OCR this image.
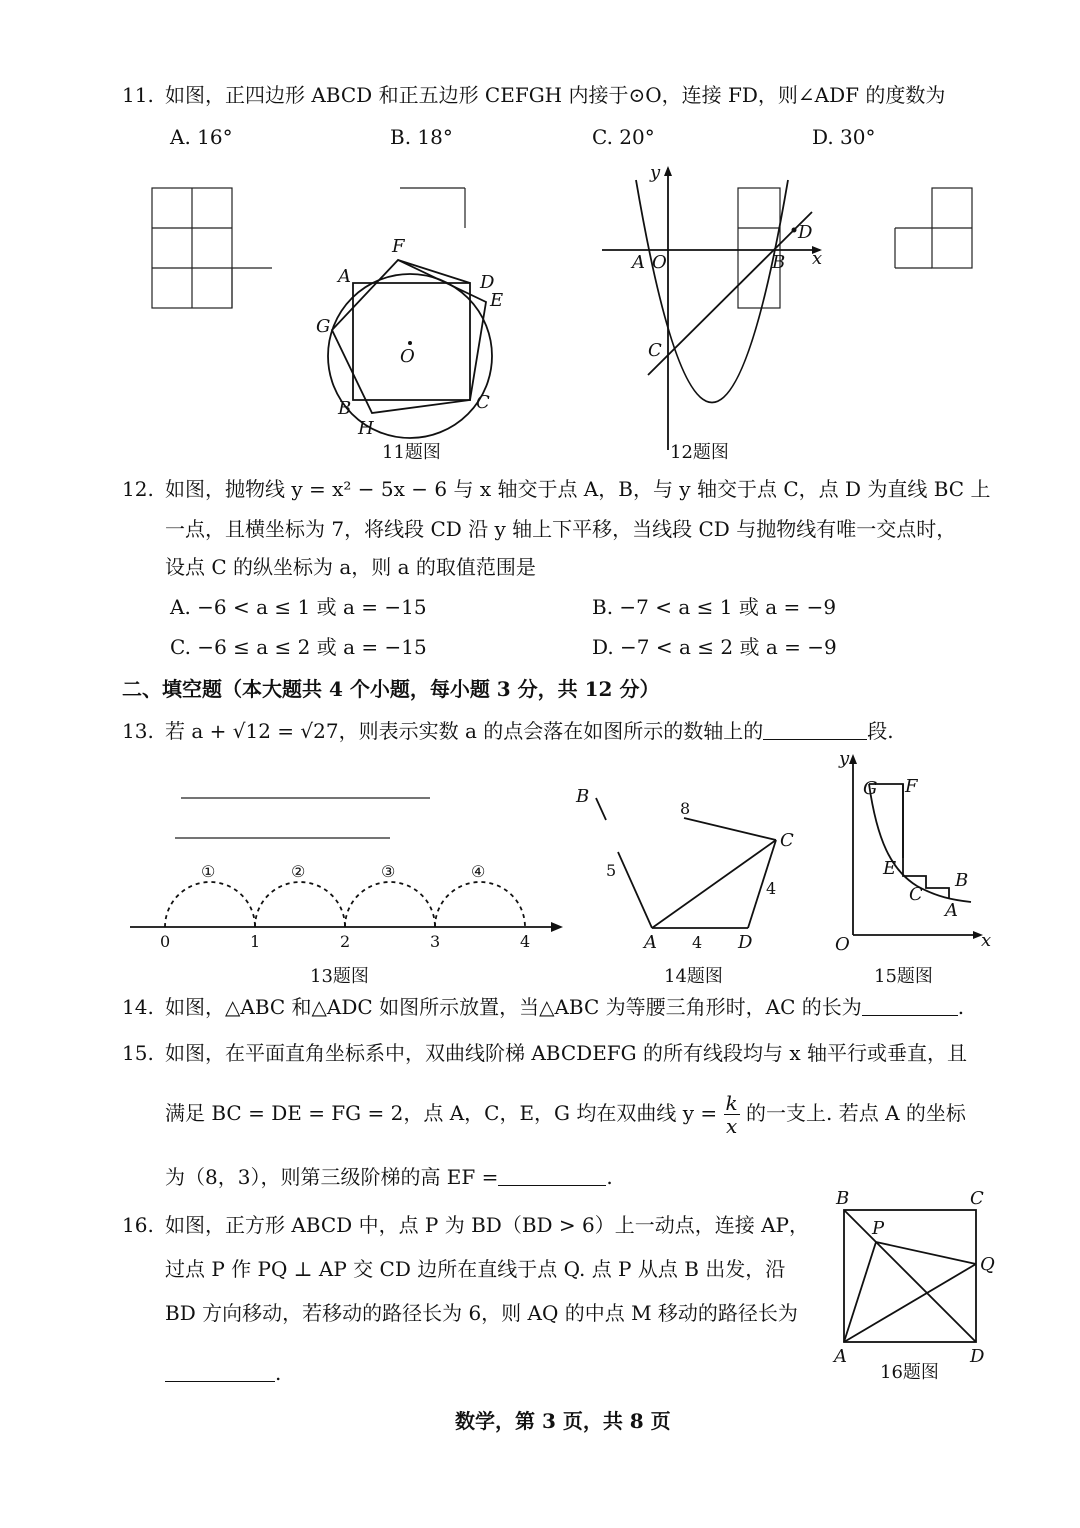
11. 如图，正四边形 ABCD 和正五边形 CEFGH 内接于⊙O，连接 FD，则∠ADF 的度数为
A. 16°	B. 18°	C. 20°	D. 30°
F
A	D
E
G
O
B	C
H
11题图
y
A O	B x
D
C
12题图
12. 如图，抛物线 y = x² − 5x − 6 与 x 轴交于点 A，B，与 y 轴交于点 C，点 D 为直线 BC 上
一点，且横坐标为 7，将线段 CD 沿 y 轴上下平移，当线段 CD 与抛物线有唯一交点时，
设点 C 的纵坐标为 a，则 a 的取值范围是
A. −6 < a ≤ 1 或 a = −15	B. −7 < a ≤ 1 或 a = −9
C. −6 ≤ a ≤ 2 或 a = −15	D. −7 < a ≤ 2 或 a = −9
二、填空题（本大题共 4 个小题，每小题 3 分，共 12 分）
13. 若 a + √12 = √27，则表示实数 a 的点会落在如图所示的数轴上的	段.
①	②	③	④
0	1	2	3	4
13题图
B
8
C
5
4
A 4 D
14题图
y
G F
E
C
B
A
O	x
15题图
14. 如图，△ABC 和△ADC 如图所示放置，当△ABC 为等腰三角形时，AC 的长为	.
15. 如图，在平面直角坐标系中，双曲线阶梯 ABCDEFG 的所有线段均与 x 轴平行或垂直，且
满足 BC = DE = FG = 2，点 A，C，E，G 均在双曲线 $y = \frac{k}{x}$ 的一支上. 若点 A 的坐标
为（8，3），则第三级阶梯的高 EF =	.
16. 如图，正方形 ABCD 中，点 P 为 BD（BD > 6）上一动点，连接 AP，
过点 P 作 PQ ⊥ AP 交 CD 边所在直线于点 Q. 点 P 从点 B 出发，沿
BD 方向移动，若移动的路径长为 6，则 AQ 的中点 M 移动的路径长为
.
B	C
P
Q
A	D
16题图
数学，第 3 页，共 8 页
